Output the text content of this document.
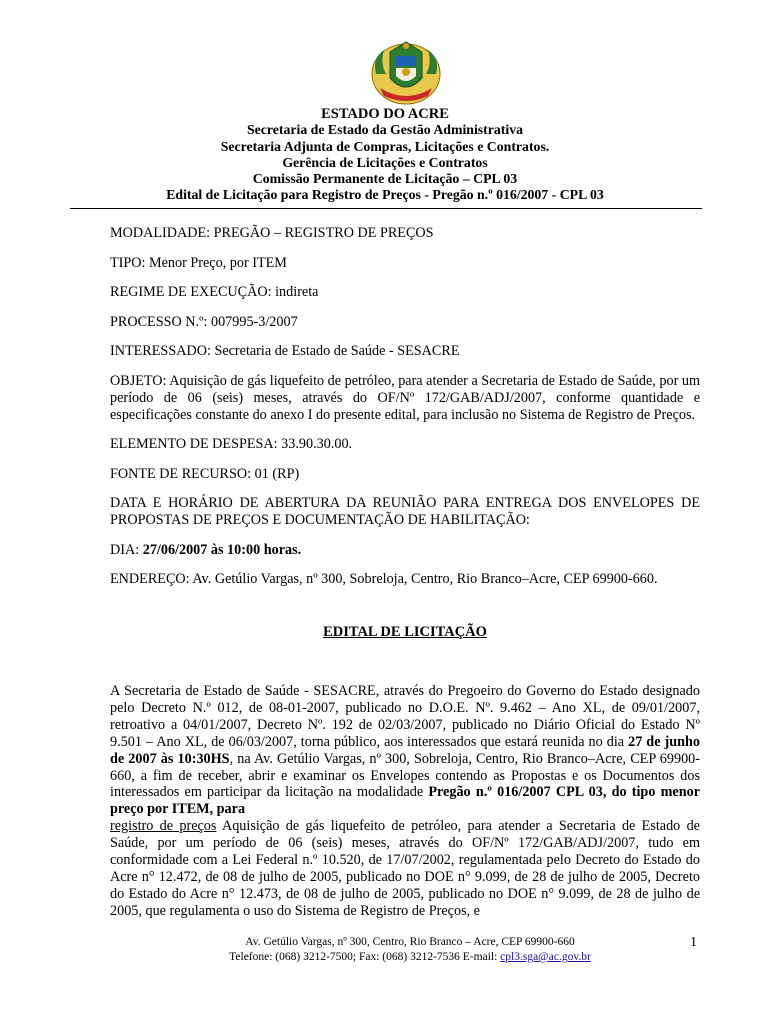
ESTADO DO ACRE
Secretaria de Estado da Gestão Administrativa
Secretaria Adjunta de Compras, Licitações e Contratos.
Gerência de Licitações e Contratos
Comissão Permanente de Licitação – CPL 03
Edital de Licitação para Registro de Preços - Pregão n.º 016/2007 - CPL 03

MODALIDADE: PREGÃO – REGISTRO DE PREÇOS

TIPO: Menor Preço, por ITEM

REGIME DE EXECUÇÃO: indireta

PROCESSO N.º: 007995-3/2007

INTERESSADO: Secretaria de Estado de Saúde - SESACRE

OBJETO: Aquisição de gás liquefeito de petróleo, para atender a Secretaria de Estado de Saúde, por um período de 06 (seis) meses, através do OF/Nº 172/GAB/ADJ/2007, conforme quantidade e especificações constante do anexo I do presente edital, para inclusão no Sistema de Registro de Preços.

ELEMENTO DE DESPESA: 33.90.30.00.

FONTE DE RECURSO: 01 (RP)

DATA E HORÁRIO DE ABERTURA DA REUNIÃO PARA ENTREGA DOS ENVELOPES DE PROPOSTAS DE PREÇOS E DOCUMENTAÇÃO DE HABILITAÇÃO:

DIA: 27/06/2007 às 10:00 horas.

ENDEREÇO: Av. Getúlio Vargas, nº 300, Sobreloja, Centro, Rio Branco–Acre, CEP 69900-660.

EDITAL DE LICITAÇÃO

A Secretaria de Estado de Saúde - SESACRE, através do Pregoeiro do Governo do Estado designado pelo Decreto N.º 012, de 08-01-2007, publicado no D.O.E. Nº. 9.462 – Ano XL, de 09/01/2007, retroativo a 04/01/2007, Decreto Nº. 192 de 02/03/2007, publicado no Diário Oficial do Estado Nº 9.501 – Ano XL, de 06/03/2007, torna público, aos interessados que estará reunida no dia 27 de junho de 2007 às 10:30HS, na Av. Getúlio Vargas, nº 300, Sobreloja, Centro, Rio Branco–Acre, CEP 69900-660, a fim de receber, abrir e examinar os Envelopes contendo as Propostas e os Documentos dos interessados em participar da licitação na modalidade Pregão n.º 016/2007 CPL 03, do tipo menor preço por ITEM, para
registro de preços Aquisição de gás liquefeito de petróleo, para atender a Secretaria de Estado de Saúde, por um período de 06 (seis) meses, através do OF/Nº 172/GAB/ADJ/2007, tudo em conformidade com a Lei Federal n.º 10.520, de 17/07/2002, regulamentada pelo Decreto do Estado do Acre n° 12.472, de 08 de julho de 2005, publicado no DOE n° 9.099, de 28 de julho de 2005, Decreto do Estado do Acre n° 12.473, de 08 de julho de 2005, publicado no DOE n° 9.099, de 28 de julho de 2005, que regulamenta o uso do Sistema de Registro de Preços, e

Av. Getúlio Vargas, nº 300, Centro, Rio Branco – Acre, CEP 69900-660
Telefone: (068) 3212-7500; Fax: (068) 3212-7536 E-mail: cpl3.sga@ac.gov.br
1
